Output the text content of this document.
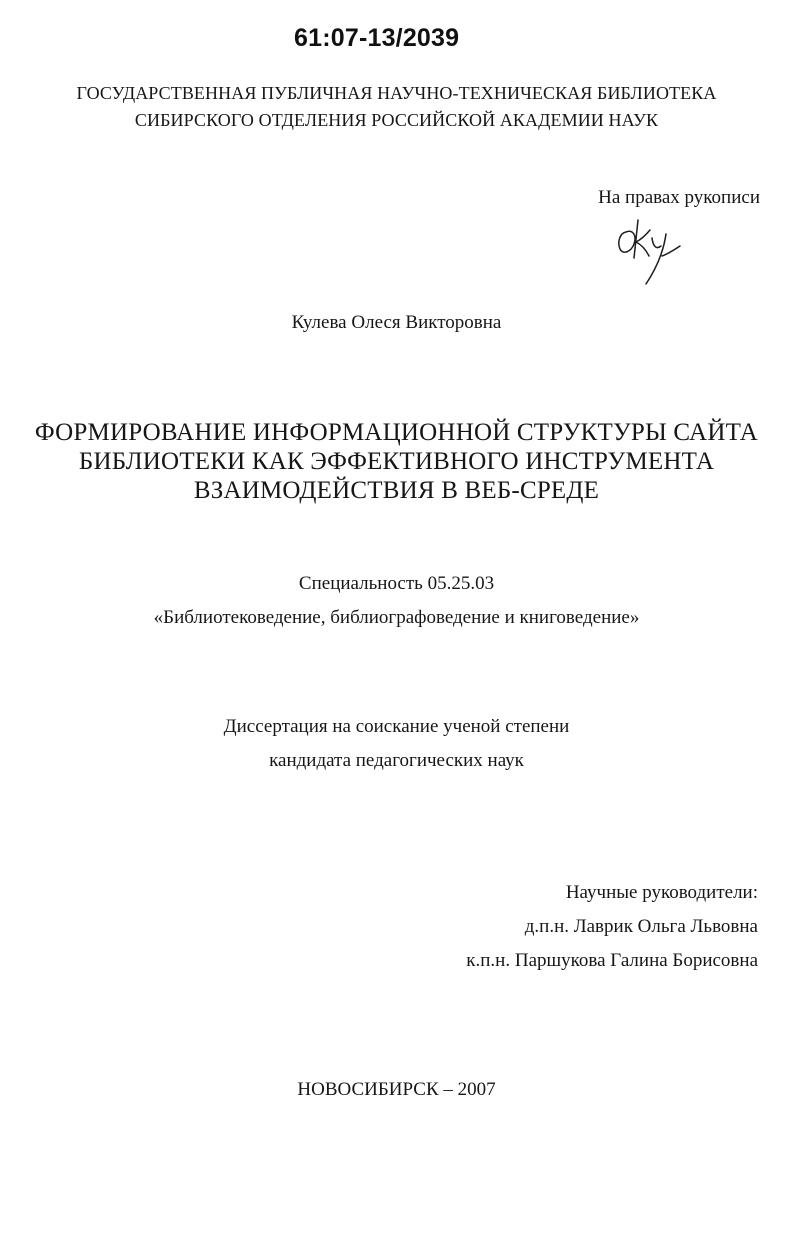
61:07-13/2039
ГОСУДАРСТВЕННАЯ ПУБЛИЧНАЯ НАУЧНО-ТЕХНИЧЕСКАЯ БИБЛИОТЕКА
СИБИРСКОГО ОТДЕЛЕНИЯ РОССИЙСКОЙ АКАДЕМИИ НАУК
На правах рукописи
Кулева Олеся Викторовна
ФОРМИРОВАНИЕ ИНФОРМАЦИОННОЙ СТРУКТУРЫ САЙТА
БИБЛИОТЕКИ КАК ЭФФЕКТИВНОГО ИНСТРУМЕНТА
ВЗАИМОДЕЙСТВИЯ В ВЕБ-СРЕДЕ
Специальность 05.25.03
«Библиотековедение, библиографоведение и книговедение»
Диссертация на соискание ученой степени
кандидата педагогических наук
Научные руководители:
д.п.н. Лаврик Ольга Львовна
к.п.н. Паршукова Галина Борисовна
НОВОСИБИРСК – 2007
